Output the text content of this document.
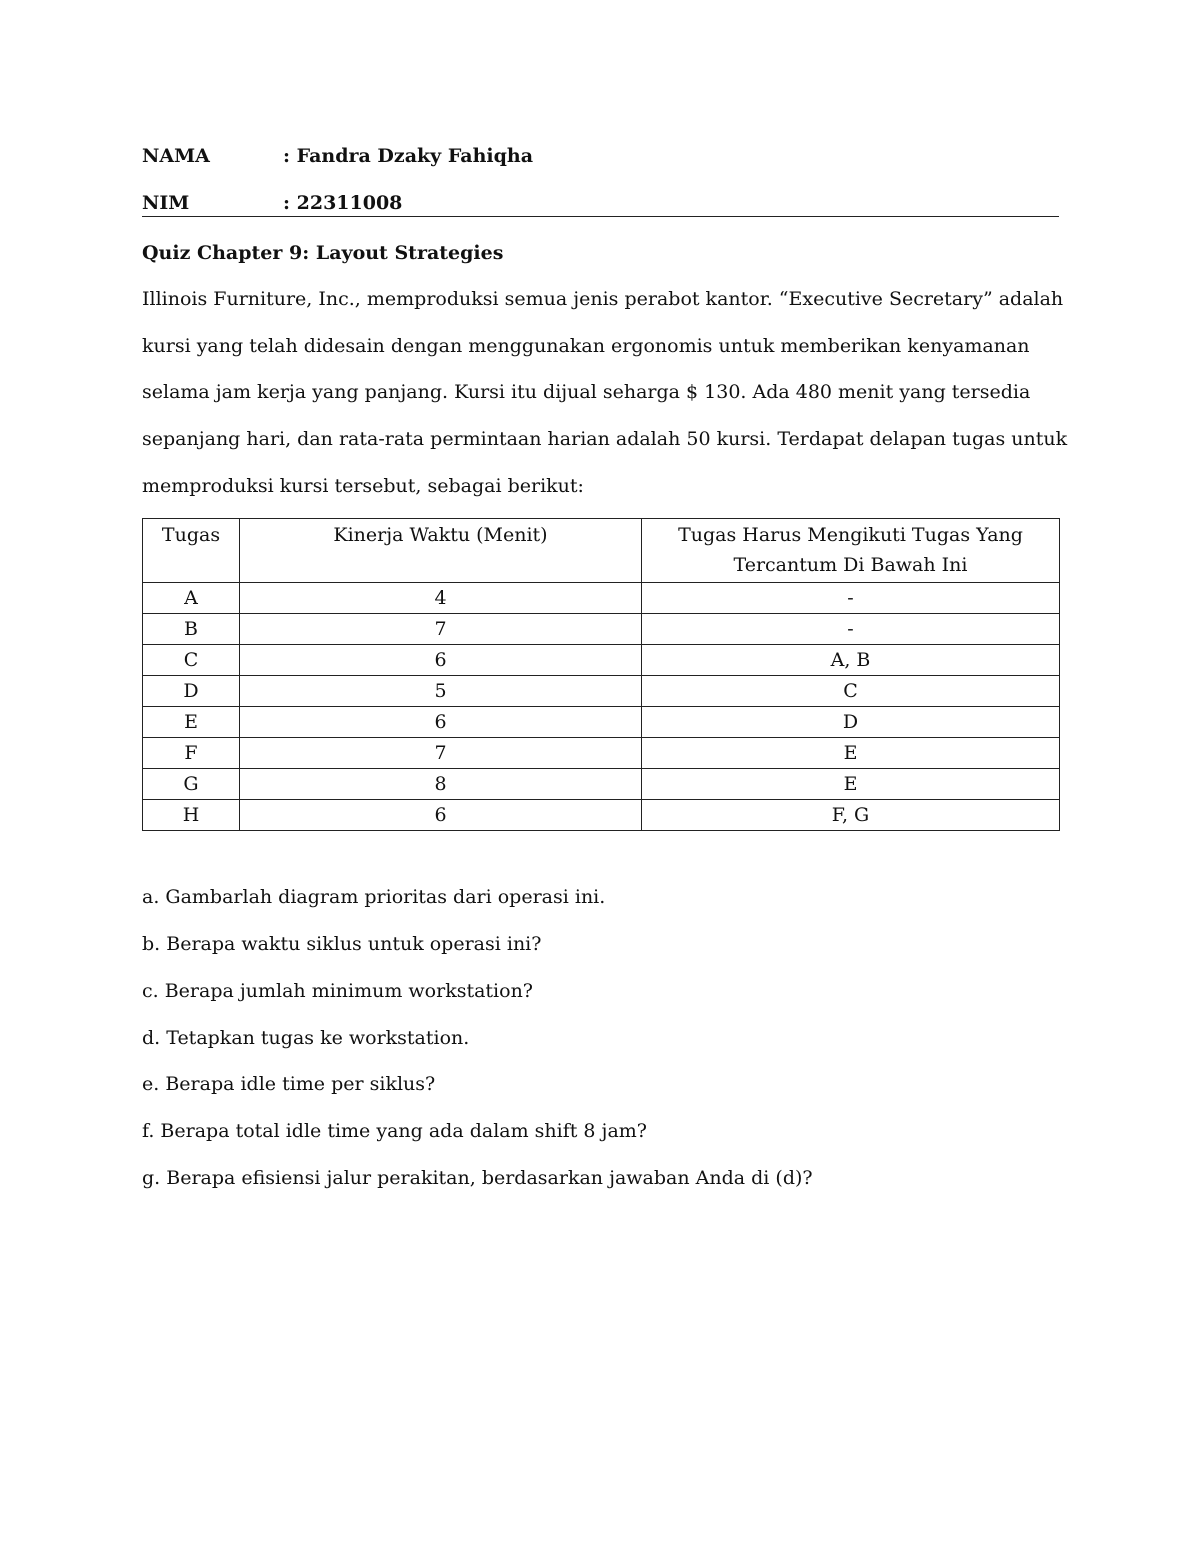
NAMA	: Fandra Dzaky Fahiqha
NIM	: 22311008
Quiz Chapter 9: Layout Strategies
Illinois Furniture, Inc., memproduksi semua jenis perabot kantor. “Executive Secretary” adalah
kursi yang telah didesain dengan menggunakan ergonomis untuk memberikan kenyamanan
selama jam kerja yang panjang. Kursi itu dijual seharga $ 130. Ada 480 menit yang tersedia
sepanjang hari, dan rata-rata permintaan harian adalah 50 kursi. Terdapat delapan tugas untuk
memproduksi kursi tersebut, sebagai berikut:
Tugas	Kinerja Waktu (Menit)	Tugas Harus Mengikuti Tugas Yang
Tercantum Di Bawah Ini
A	4	-
B	7	-
C	6	A, B
D	5	C
E	6	D
F	7	E
G	8	E
H	6	F, G
a. Gambarlah diagram prioritas dari operasi ini.
b. Berapa waktu siklus untuk operasi ini?
c. Berapa jumlah minimum workstation?
d. Tetapkan tugas ke workstation.
e. Berapa idle time per siklus?
f. Berapa total idle time yang ada dalam shift 8 jam?
g. Berapa efisiensi jalur perakitan, berdasarkan jawaban Anda di (d)?
